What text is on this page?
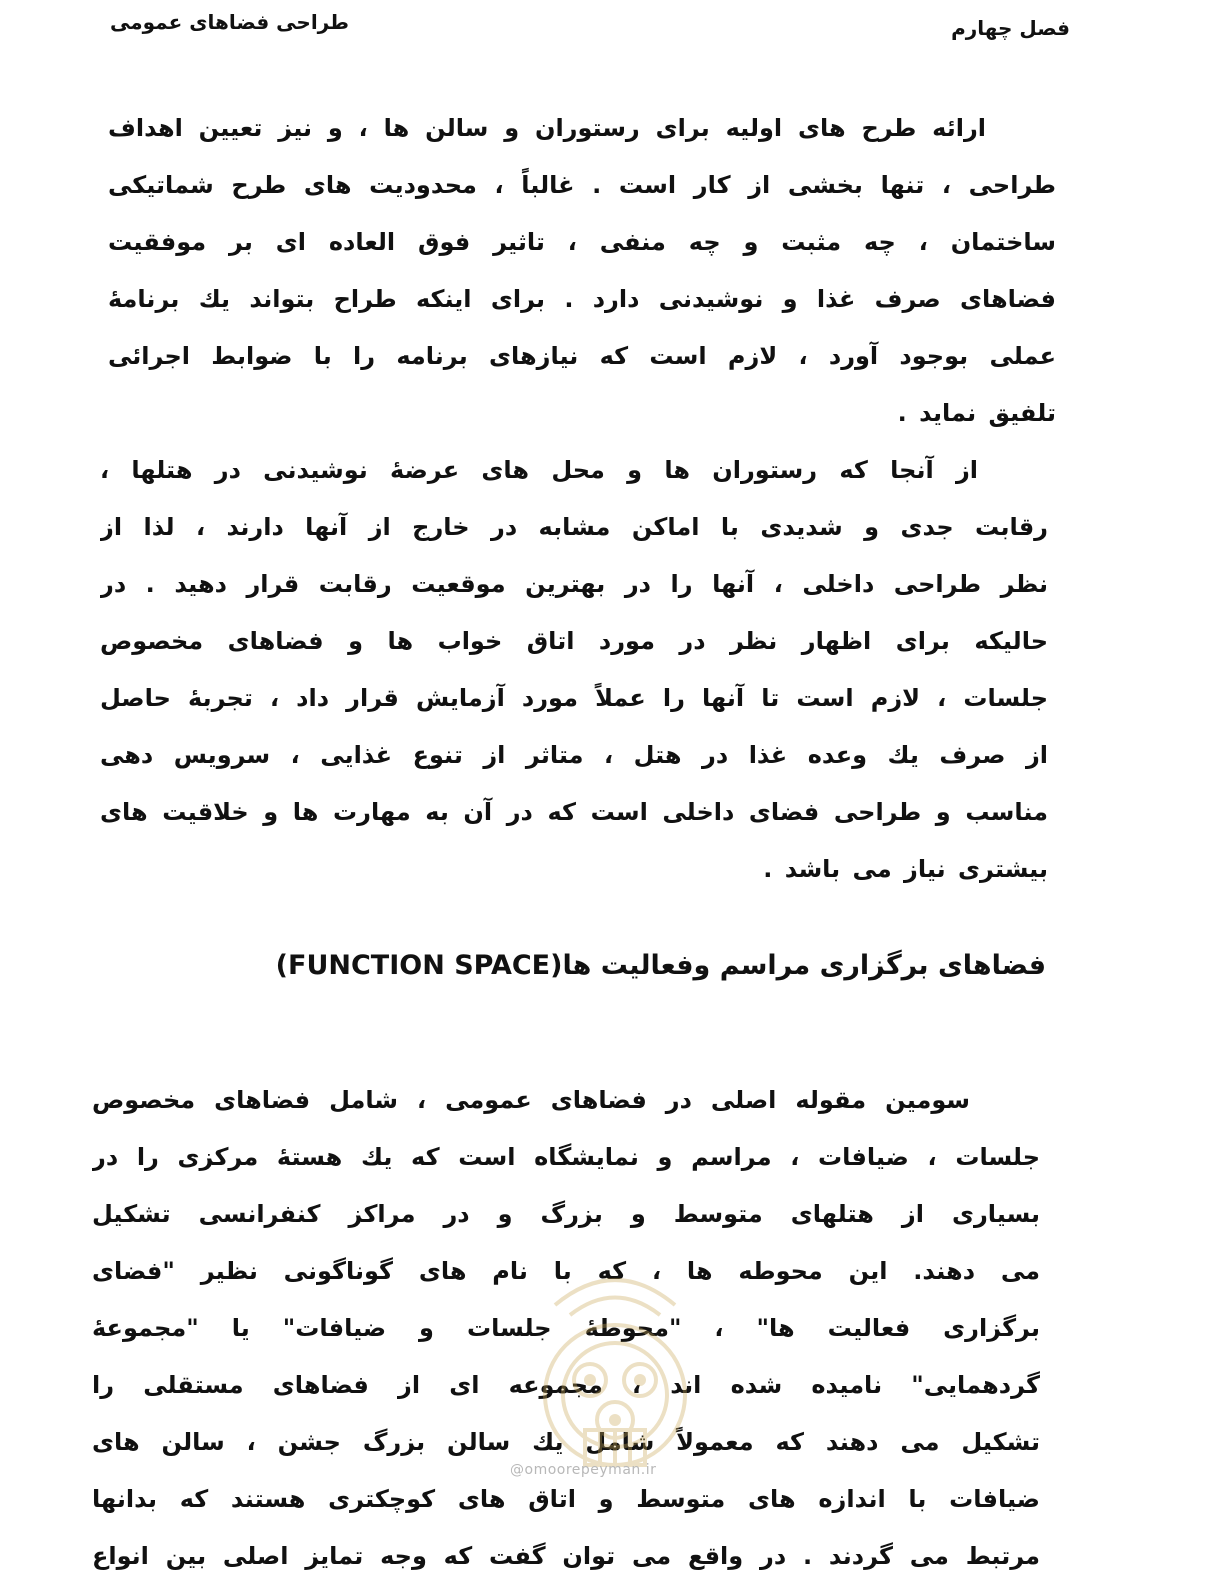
فصل چهارم
طراحی فضاهای عمومی
ارائه طرح های اولیه برای رستوران و سالن ها ، و نیز تعیین اهداف
طراحی ، تنها بخشی از کار است . غالباً ، محدودیت های طرح شماتیکی
ساختمان ، چه مثبت و چه منفی ، تاثیر فوق العاده ای بر موفقیت
فضاهای صرف غذا و نوشیدنی دارد . برای اینکه طراح بتواند یك برنامهٔ
عملی بوجود آورد ، لازم است که نیازهای برنامه را با ضوابط اجرائی
تلفیق نماید .
از آنجا که رستوران ها و محل های عرضهٔ نوشیدنی در هتلها ،
رقابت جدی و شدیدی با اماکن مشابه در خارج از آنها دارند ، لذا از
نظر طراحی داخلی ، آنها را در بهترین موقعیت رقابت قرار دهید . در
حالیکه برای اظهار نظر در مورد اتاق خواب ها و فضاهای مخصوص
جلسات ، لازم است تا آنها را عملاً مورد آزمایش قرار داد ، تجربهٔ حاصل
از صرف یك وعده غذا در هتل ، متاثر از تنوع غذایی ، سرویس دهی
مناسب و طراحی فضای داخلی است که در آن به مهارت ها و خلاقیت های
بیشتری نیاز می باشد .
فضاهای برگزاری مراسم وفعالیت ها(FUNCTION SPACE)
سومین مقوله اصلی در فضاهای عمومی ، شامل فضاهای مخصوص
جلسات ، ضیافات ، مراسم و نمایشگاه است که یك هستهٔ مرکزی را در
بسیاری از هتلهای متوسط و بزرگ و در مراکز کنفرانسی تشکیل
می دهند. این محوطه ها ، که با نام های گوناگونی نظیر "فضای
برگزاری فعالیت ها" ، "محوطهٔ جلسات و ضیافات" یا "مجموعهٔ
گردهمایی" نامیده شده اند ، مجموعه ای از فضاهای مستقلی را
تشکیل می دهند که معمولاً شامل یك سالن بزرگ جشن ، سالن های
ضیافات با اندازه های متوسط و اتاق های کوچکتری هستند که بدانها
مرتبط می گردند . در واقع می توان گفت که وجه تمایز اصلی بین انواع
@omoorepeyman.ir
